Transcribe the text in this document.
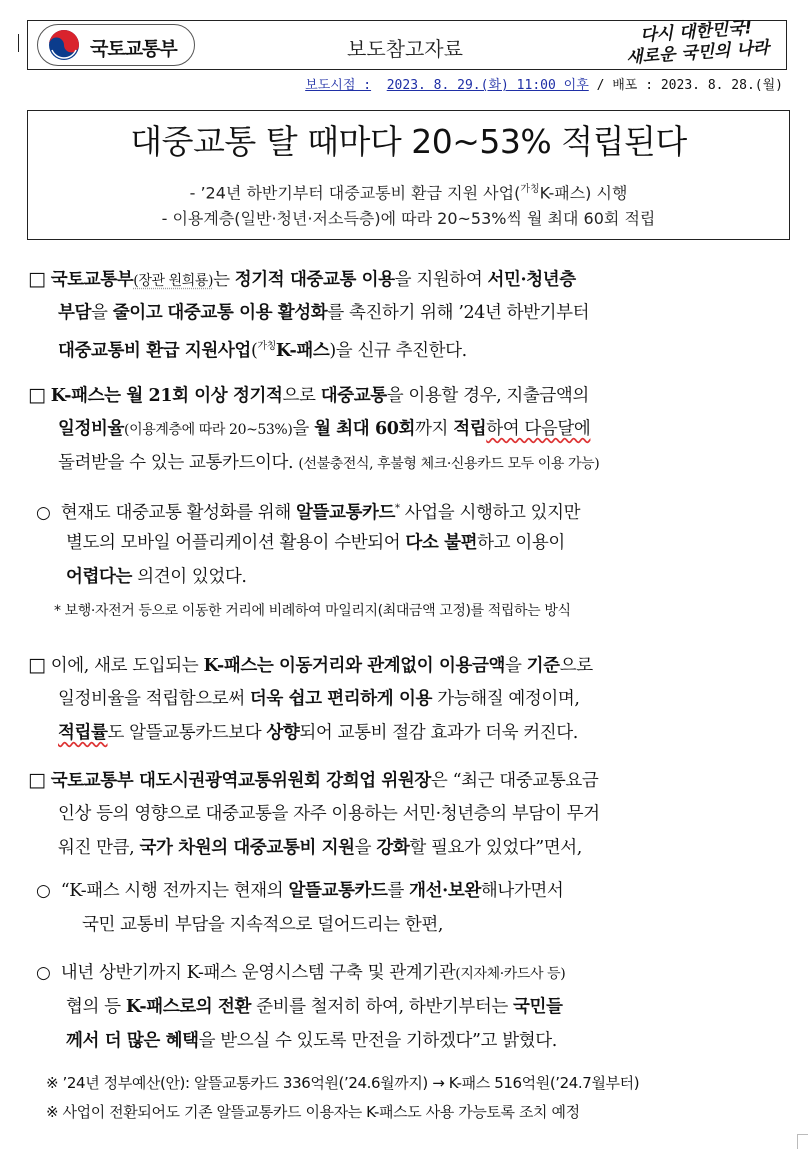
국토교통부	보도참고자료
다시 대한민국!
새로운 국민의 나라
보도시점 : 2023. 8. 29.(화) 11:00 이후 / 배포 : 2023. 8. 28.(월)
대중교통 탈 때마다 20~53% 적립된다
- ’24년 하반기부터 대중교통비 환급 지원 사업($^{가칭}$K-패스) 시행
- 이용계층(일반·청년·저소득층)에 따라 20~53%씩 월 최대 60회 적립
□ 국토교통부(장관 원희룡)는 정기적 대중교통 이용을 지원하여 서민·청년층
부담을 줄이고 대중교통 이용 활성화를 촉진하기 위해 ’24년 하반기부터
대중교통비 환급 지원사업($^{가칭}$K-패스)을 신규 추진한다.
□ K-패스는 월 21회 이상 정기적으로 대중교통을 이용할 경우, 지출금액의
일정비율(이용계층에 따라 20~53%)을 월 최대 60회까지 적립하여 다음달에
돌려받을 수 있는 교통카드이다. (선불충전식, 후불형 체크·신용카드 모두 이용 가능)
○ 현재도 대중교통 활성화를 위해 알뜰교통카드* 사업을 시행하고 있지만
별도의 모바일 어플리케이션 활용이 수반되어 다소 불편하고 이용이
어렵다는 의견이 있었다.
* 보행·자전거 등으로 이동한 거리에 비례하여 마일리지(최대금액 고정)를 적립하는 방식
□ 이에, 새로 도입되는 K-패스는 이동거리와 관계없이 이용금액을 기준으로
일정비율을 적립함으로써 더욱 쉽고 편리하게 이용 가능해질 예정이며,
적립률도 알뜰교통카드보다 상향되어 교통비 절감 효과가 더욱 커진다.
□ 국토교통부 대도시권광역교통위원회 강희업 위원장은 “최근 대중교통요금
인상 등의 영향으로 대중교통을 자주 이용하는 서민·청년층의 부담이 무거
워진 만큼, 국가 차원의 대중교통비 지원을 강화할 필요가 있었다”면서,
○ “K-패스 시행 전까지는 현재의 알뜰교통카드를 개선·보완해나가면서
국민 교통비 부담을 지속적으로 덜어드리는 한편,
○ 내년 상반기까지 K-패스 운영시스템 구축 및 관계기관(지자체·카드사 등)
협의 등 K-패스로의 전환 준비를 철저히 하여, 하반기부터는 국민들
께서 더 많은 혜택을 받으실 수 있도록 만전을 기하겠다”고 밝혔다.
※ ’24년 정부예산(안): 알뜰교통카드 336억원(’24.6월까지) → K-패스 516억원(’24.7월부터)
※ 사업이 전환되어도 기존 알뜰교통카드 이용자는 K-패스도 사용 가능토록 조치 예정
